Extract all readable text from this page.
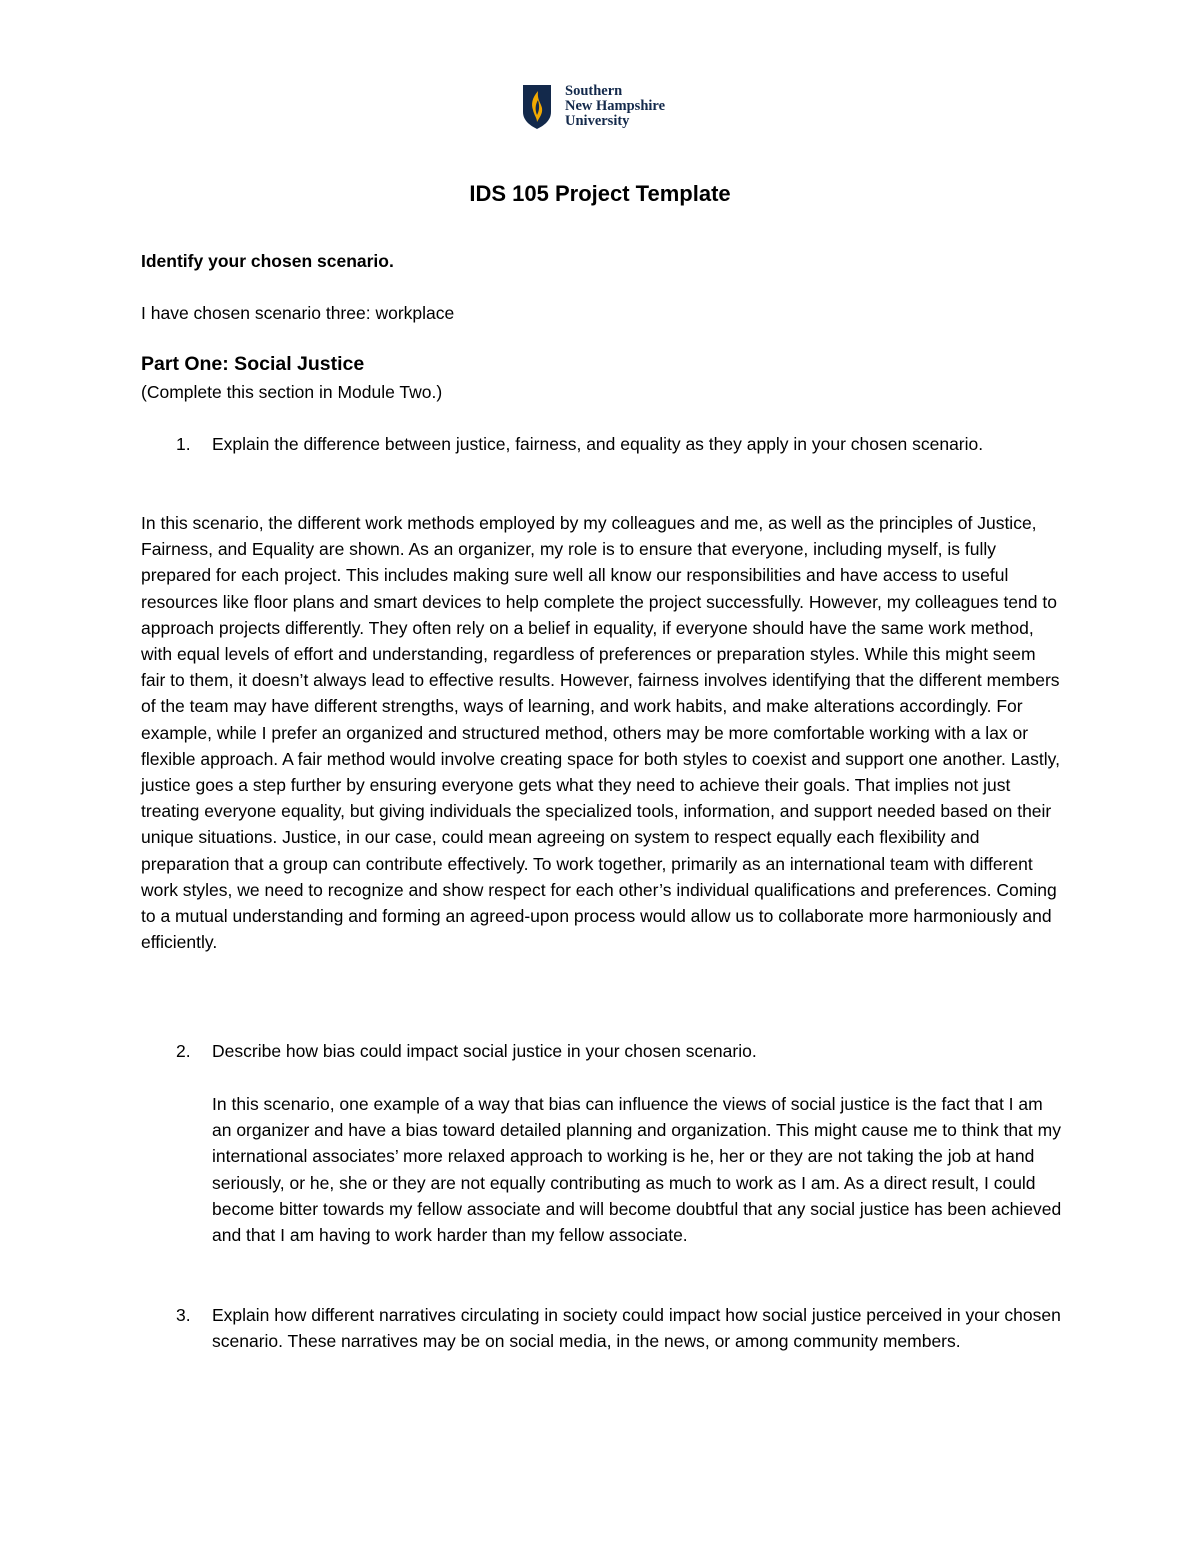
Southern
New Hampshire
University
IDS 105 Project Template

Identify your chosen scenario.

I have chosen scenario three: workplace

Part One: Social Justice

(Complete this section in Module Two.)

1. Explain the difference between justice, fairness, and equality as they apply in your chosen scenario.

In this scenario, the different work methods employed by my colleagues and me, as well as the principles of Justice, Fairness, and Equality are shown. As an organizer, my role is to ensure that everyone, including myself, is fully prepared for each project. This includes making sure well all know our responsibilities and have access to useful resources like floor plans and smart devices to help complete the project successfully. However, my colleagues tend to approach projects differently. They often rely on a belief in equality, if everyone should have the same work method, with equal levels of effort and understanding, regardless of preferences or preparation styles. While this might seem fair to them, it doesn’t always lead to effective results. However, fairness involves identifying that the different members of the team may have different strengths, ways of learning, and work habits, and make alterations accordingly. For example, while I prefer an organized and structured method, others may be more comfortable working with a lax or flexible approach. A fair method would involve creating space for both styles to coexist and support one another. Lastly, justice goes a step further by ensuring everyone gets what they need to achieve their goals. That implies not just treating everyone equality, but giving individuals the specialized tools, information, and support needed based on their unique situations. Justice, in our case, could mean agreeing on system to respect equally each flexibility and preparation that a group can contribute effectively. To work together, primarily as an international team with different work styles, we need to recognize and show respect for each other’s individual qualifications and preferences. Coming to a mutual understanding and forming an agreed-upon process would allow us to collaborate more harmoniously and efficiently.

2. Describe how bias could impact social justice in your chosen scenario.

In this scenario, one example of a way that bias can influence the views of social justice is the fact that I am an organizer and have a bias toward detailed planning and organization. This might cause me to think that my international associates’ more relaxed approach to working is he, her or they are not taking the job at hand seriously, or he, she or they are not equally contributing as much to work as I am. As a direct result, I could become bitter towards my fellow associate and will become doubtful that any social justice has been achieved and that I am having to work harder than my fellow associate.

3. Explain how different narratives circulating in society could impact how social justice perceived in your chosen scenario. These narratives may be on social media, in the news, or among community members.
